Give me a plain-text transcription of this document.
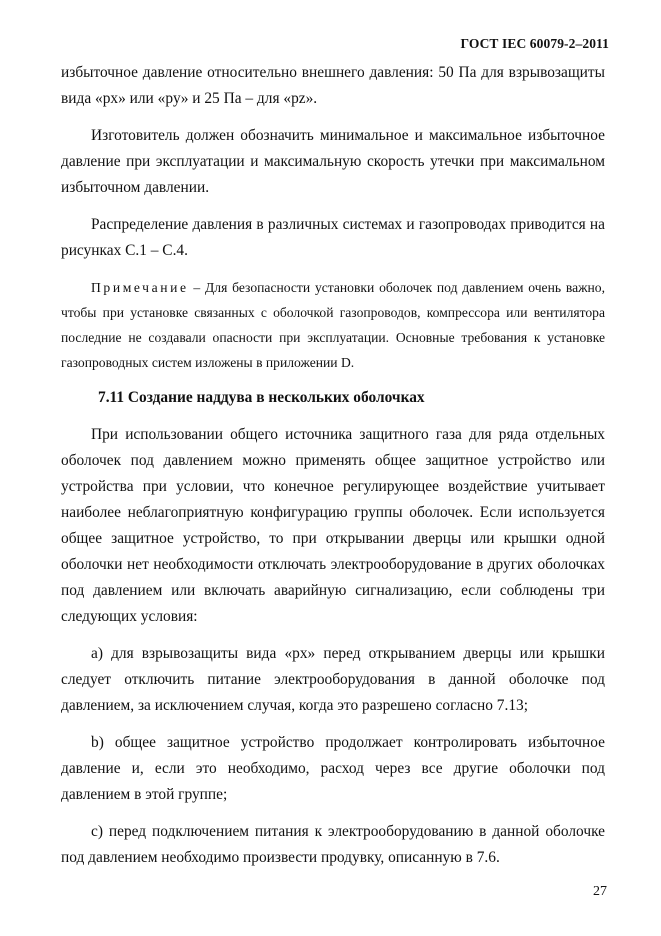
ГОСТ IEC 60079-2–2011

избыточное давление относительно внешнего давления: 50 Па для взрывозащиты вида «px» или «py» и 25 Па – для «pz».

Изготовитель должен обозначить минимальное и максимальное избыточное давление при эксплуатации и максимальную скорость утечки при максимальном избыточном давлении.

Распределение давления в различных системах и газопроводах приводится на рисунках С.1 – С.4.

Примечание – Для безопасности установки оболочек под давлением очень важно, чтобы при установке связанных с оболочкой газопроводов, компрессора или вентилятора последние не создавали опасности при эксплуатации. Основные требования к установке газопроводных систем изложены в приложении D.

7.11 Создание наддува в нескольких оболочках

При использовании общего источника защитного газа для ряда отдельных оболочек под давлением можно применять общее защитное устройство или устройства при условии, что конечное регулирующее воздействие учитывает наиболее неблагоприятную конфигурацию группы оболочек. Если используется общее защитное устройство, то при открывании дверцы или крышки одной оболочки нет необходимости отключать электрооборудование в других оболочках под давлением или включать аварийную сигнализацию, если соблюдены три следующих условия:

a) для взрывозащиты вида «px» перед открыванием дверцы или крышки следует отключить питание электрооборудования в данной оболочке под давлением, за исключением случая, когда это разрешено согласно 7.13;

b) общее защитное устройство продолжает контролировать избыточное давление и, если это необходимо, расход через все другие оболочки под давлением в этой группе;

c) перед подключением питания к электрооборудованию в данной оболочке под давлением необходимо произвести продувку, описанную в 7.6.

27
